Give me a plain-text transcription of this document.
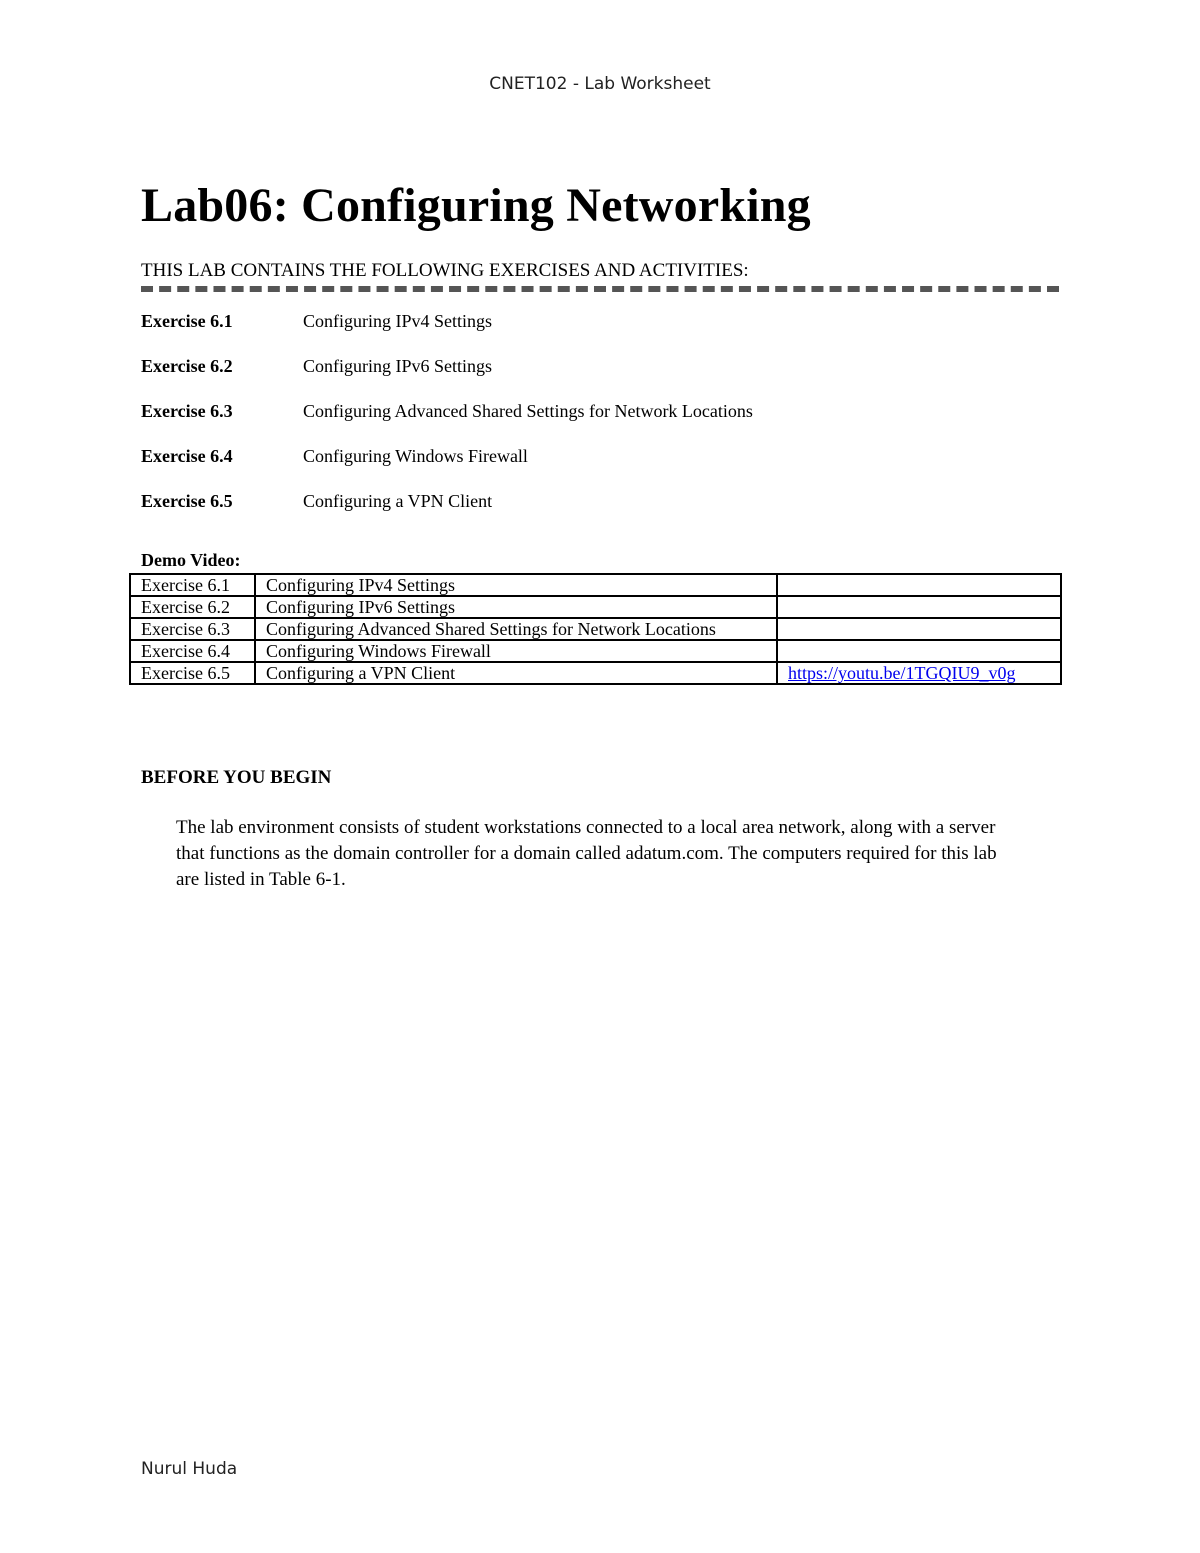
CNET102 - Lab Worksheet
Lab06: Configuring Networking
THIS LAB CONTAINS THE FOLLOWING EXERCISES AND ACTIVITIES:
Exercise 6.1	Configuring IPv4 Settings
Exercise 6.2	Configuring IPv6 Settings
Exercise 6.3	Configuring Advanced Shared Settings for Network Locations
Exercise 6.4	Configuring Windows Firewall
Exercise 6.5	Configuring a VPN Client
Demo Video:
Exercise 6.1	Configuring IPv4 Settings	
Exercise 6.2	Configuring IPv6 Settings	
Exercise 6.3	Configuring Advanced Shared Settings for Network Locations	
Exercise 6.4	Configuring Windows Firewall	
Exercise 6.5	Configuring a VPN Client	https://youtu.be/1TGQIU9_v0g
BEFORE YOU BEGIN

The lab environment consists of student workstations connected to a local area network, along with a server that functions as the domain controller for a domain called adatum.com. The computers required for this lab are listed in Table 6-1.

Nurul Huda
